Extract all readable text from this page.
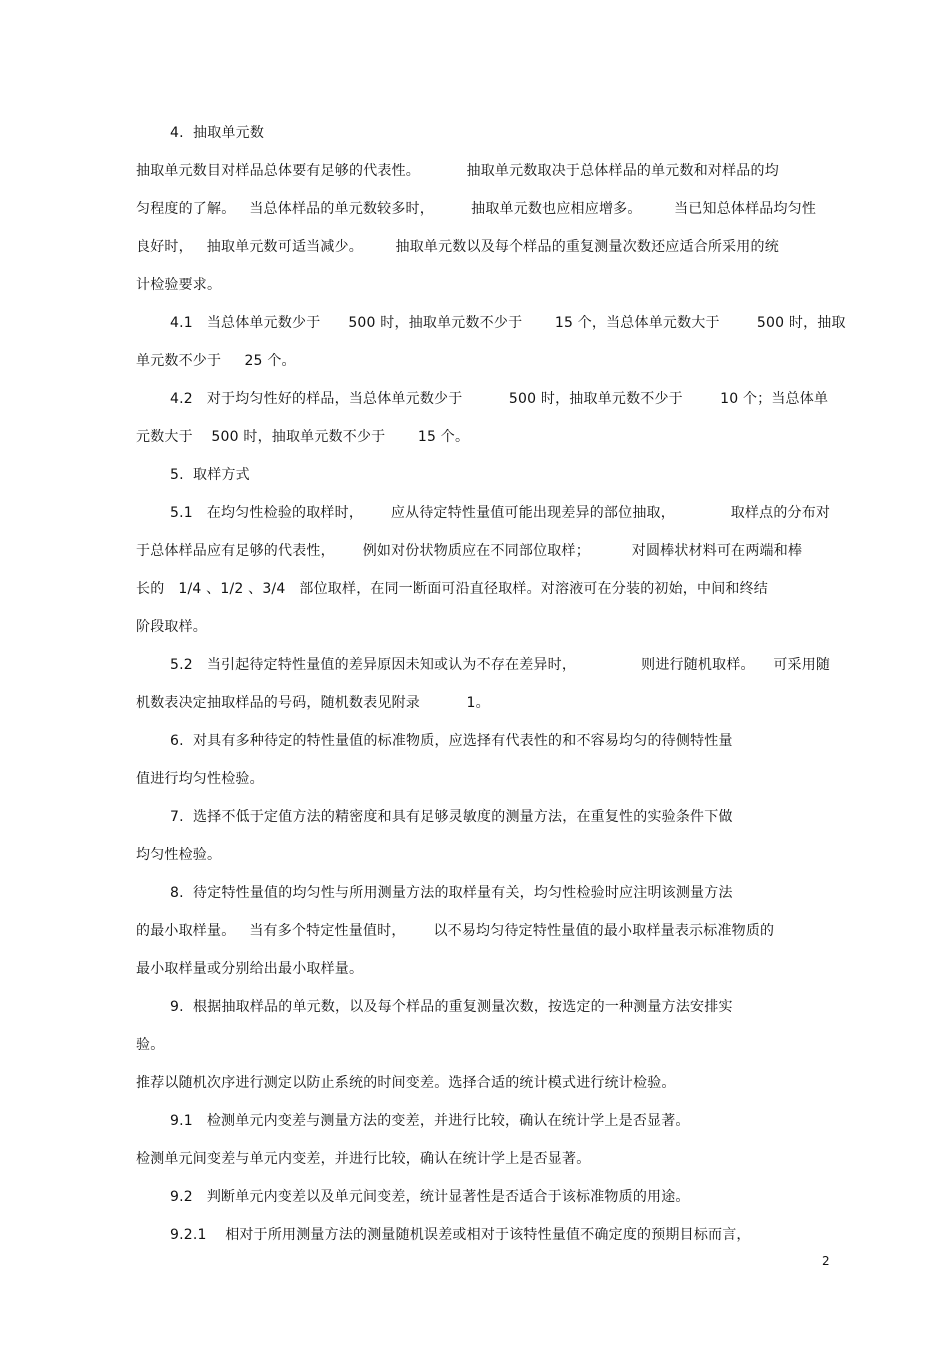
4.  抽取单元数
抽取单元数目对样品总体要有足够的代表性。          抽取单元数取决于总体样品的单元数和对样品的均
匀程度的了解。   当总体样品的单元数较多时，        抽取单元数也应相应增多。       当已知总体样品均匀性
良好时，   抽取单元数可适当减少。       抽取单元数以及每个样品的重复测量次数还应适合所采用的统
计检验要求。
4.1   当总体单元数少于      500 时，抽取单元数不少于       15 个，当总体单元数大于        500 时，抽取
单元数不少于     25 个。
4.2   对于均匀性好的样品，当总体单元数少于          500 时，抽取单元数不少于        10 个；当总体单
元数大于    500 时，抽取单元数不少于       15 个。
5.  取样方式
5.1   在均匀性检验的取样时，      应从待定特性量值可能出现差异的部位抽取，            取样点的分布对
于总体样品应有足够的代表性，      例如对份状物质应在不同部位取样；         对圆棒状材料可在两端和棒
长的   1/4 、1/2 、3/4   部位取样，在同一断面可沿直径取样。对溶液可在分装的初始，中间和终结
阶段取样。
5.2   当引起待定特性量值的差异原因未知或认为不存在差异时，              则进行随机取样。    可采用随
机数表决定抽取样品的号码，随机数表见附录          1。
6.  对具有多种待定的特性量值的标准物质，应选择有代表性的和不容易均匀的待侧特性量
值进行均匀性检验。
7.  选择不低于定值方法的精密度和具有足够灵敏度的测量方法，在重复性的实验条件下做
均匀性检验。
8.  待定特性量值的均匀性与所用测量方法的取样量有关，均匀性检验时应注明该测量方法
的最小取样量。   当有多个特定性量值时，      以不易均匀待定特性量值的最小取样量表示标准物质的
最小取样量或分别给出最小取样量。
9.  根据抽取样品的单元数，以及每个样品的重复测量次数，按选定的一种测量方法安排实
验。
推荐以随机次序进行测定以防止系统的时间变差。选择合适的统计模式进行统计检验。
9.1   检测单元内变差与测量方法的变差，并进行比较，确认在统计学上是否显著。
检测单元间变差与单元内变差，并进行比较，确认在统计学上是否显著。
9.2   判断单元内变差以及单元间变差，统计显著性是否适合于该标准物质的用途。
9.2.1    相对于所用测量方法的测量随机误差或相对于该特性量值不确定度的预期目标而言，
2
